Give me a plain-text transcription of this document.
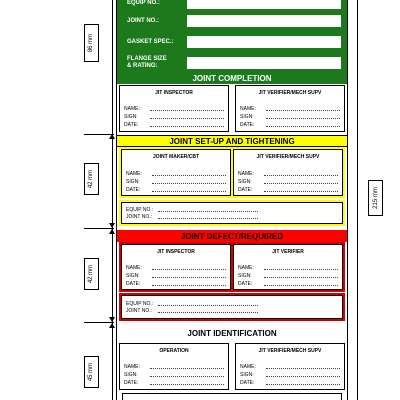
86 mm
42 mm
42 mm
45 mm
215 mm
EQUIP NO.:
JOINT NO.:
GASKET SPEC.:
FLANGE SIZE
& RATING:
JOINT COMPLETION
JIT INSPECTOR
NAME:
SIGN:
DATE:
JIT VERIFIER/MECH SUPV
NAME:
SIGN:
DATE:
JOINT SET-UP AND TIGHTENING
JOINT MAKER/CBT
NAME:
SIGN:
DATE:
JIT VERIFIER/MECH SUPV
NAME:
SIGN:
DATE:
EQUIP NO.:
JOINT NO.:
JOINT DEFECT/REQUIRED
JIT INSPECTOR
NAME:
SIGN:
DATE:
JIT VERIFIER
NAME:
SIGN:
DATE:
EQUIP NO.:
JOINT NO.:
JOINT IDENTIFICATION
OPERATION
NAME:
SIGN:
DATE:
JIT VERIFIER/MECH SUPV
NAME:
SIGN:
DATE:
